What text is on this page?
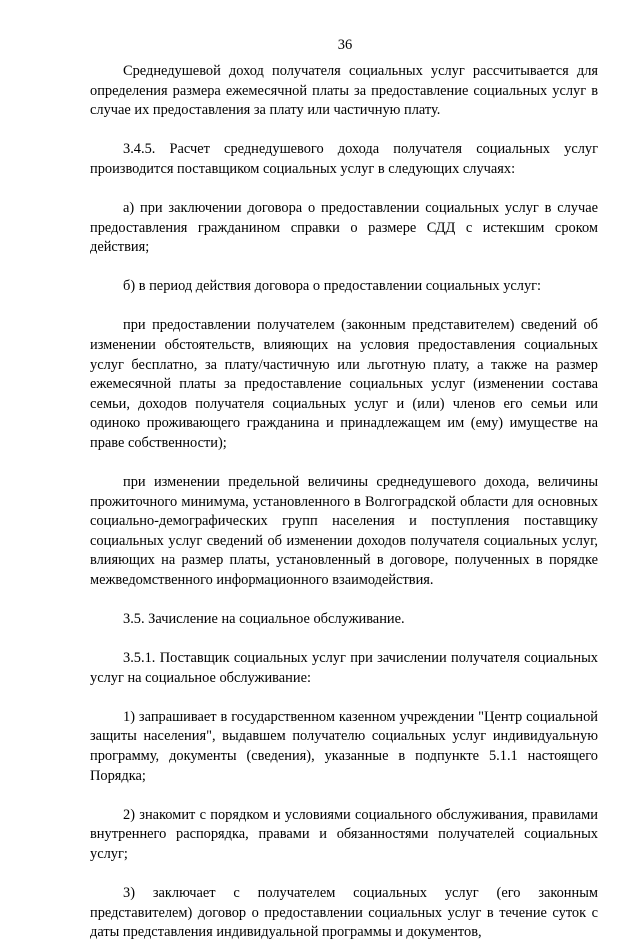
36

Среднедушевой доход получателя социальных услуг рассчитывается для определения размера ежемесячной платы за предоставление социальных услуг в случае их предоставления за плату или частичную плату.

3.4.5. Расчет среднедушевого дохода получателя социальных услуг производится поставщиком социальных услуг в следующих случаях:

а) при заключении договора о предоставлении социальных услуг в случае предоставления гражданином справки о размере СДД с истекшим сроком действия;

б) в период действия договора о предоставлении социальных услуг:

при предоставлении получателем (законным представителем) сведений об изменении обстоятельств, влияющих на условия предоставления социальных услуг бесплатно, за плату/частичную или льготную плату, а также на размер ежемесячной платы за предоставление социальных услуг (изменении состава семьи, доходов получателя социальных услуг и (или) членов его семьи или одиноко проживающего гражданина и принадлежащем им (ему) имуществе на праве собственности);

при изменении предельной величины среднедушевого дохода, величины прожиточного минимума, установленного в Волгоградской области для основных социально-демографических групп населения и поступления поставщику социальных услуг сведений об изменении доходов получателя социальных услуг, влияющих на размер платы, установленный в договоре, полученных в порядке межведомственного информационного взаимодействия.

3.5. Зачисление на социальное обслуживание.

3.5.1. Поставщик социальных услуг при зачислении получателя социальных услуг на социальное обслуживание:

1) запрашивает в государственном казенном учреждении "Центр социальной защиты населения", выдавшем получателю социальных услуг индивидуальную программу, документы (сведения), указанные в подпункте 5.1.1 настоящего Порядка;

2) знакомит с порядком и условиями социального обслуживания, правилами внутреннего распорядка, правами и обязанностями получателей социальных услуг;

3) заключает с получателем социальных услуг (его законным представителем) договор о предоставлении социальных услуг в течение суток с даты представления индивидуальной программы и документов,
